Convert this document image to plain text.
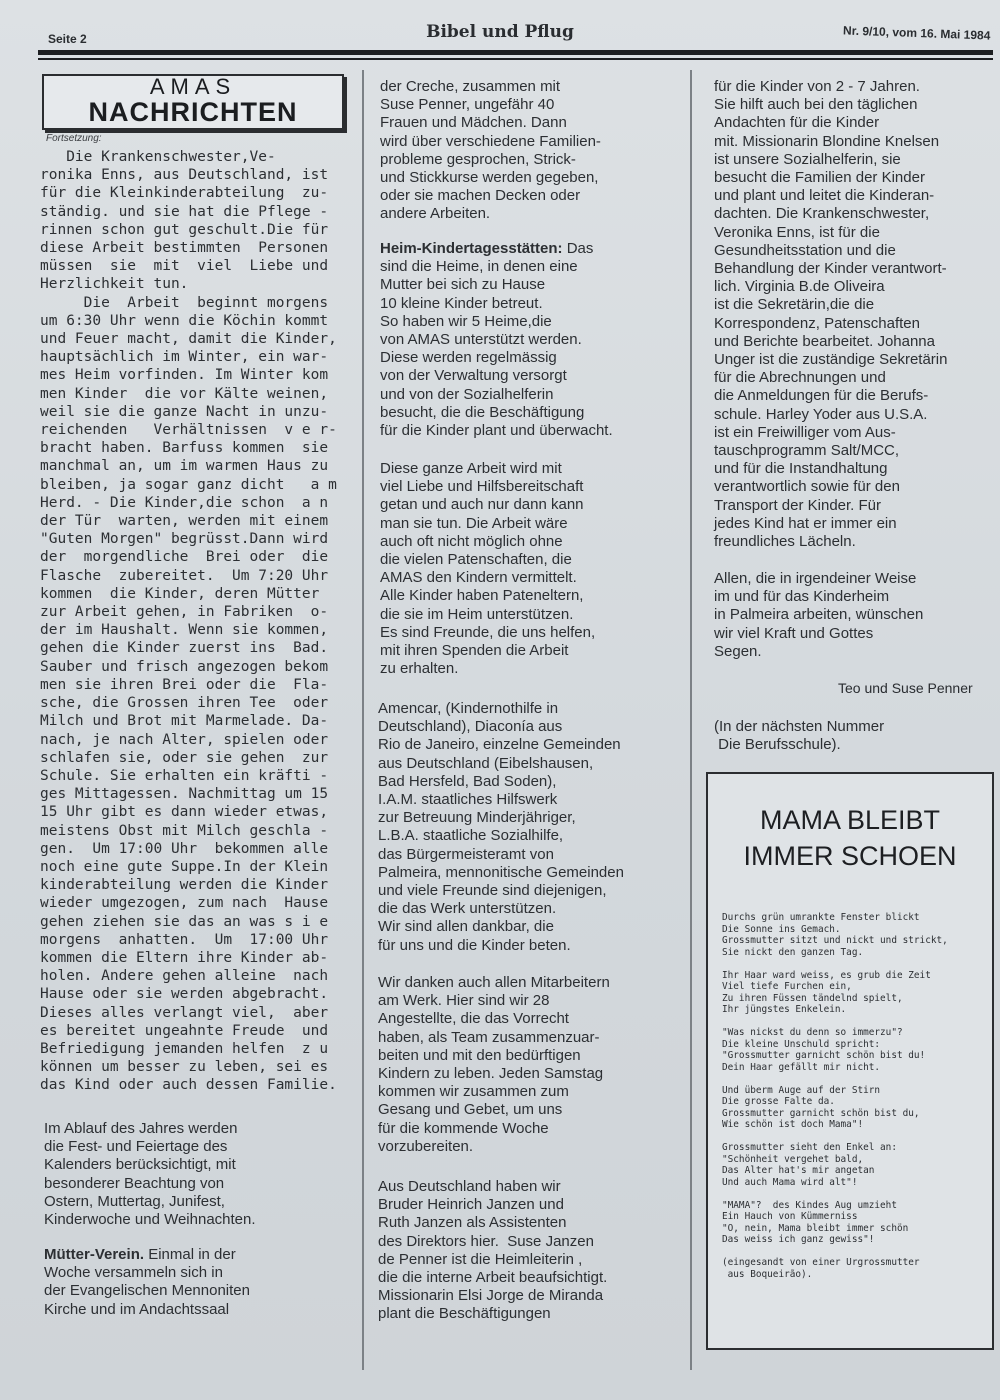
Seite 2	Bibel und Pflug	Nr. 9/10, vom 16. Mai 1984
AMAS
NACHRICHTEN
Fortsetzung:
Die Krankenschwester,Ve-
ronika Enns, aus Deutschland, ist
für die Kleinkinderabteilung  zu-
ständig. und sie hat die Pflege -
rinnen schon gut geschult.Die für
diese Arbeit bestimmten  Personen
müssen  sie  mit  viel  Liebe und
Herzlichkeit tun.
Die  Arbeit  beginnt morgens
um 6:30 Uhr wenn die Köchin kommt
und Feuer macht, damit die Kinder,
hauptsächlich im Winter, ein war-
mes Heim vorfinden. Im Winter kom
men Kinder  die vor Kälte weinen,
weil sie die ganze Nacht in unzu-
reichenden   Verhältnissen  v e r-
bracht haben. Barfuss kommen  sie
manchmal an, um im warmen Haus zu
bleiben, ja sogar ganz dicht   a m
Herd. - Die Kinder,die schon  a n
der Tür  warten, werden mit einem
"Guten Morgen" begrüsst.Dann wird
der  morgendliche  Brei oder  die
Flasche  zubereitet.  Um 7:20 Uhr
kommen  die Kinder, deren Mütter
zur Arbeit gehen, in Fabriken  o-
der im Haushalt. Wenn sie kommen,
gehen die Kinder zuerst ins  Bad.
Sauber und frisch angezogen bekom
men sie ihren Brei oder die  Fla-
sche, die Grossen ihren Tee  oder
Milch und Brot mit Marmelade. Da-
nach, je nach Alter, spielen oder
schlafen sie, oder sie gehen  zur
Schule. Sie erhalten ein kräfti -
ges Mittagessen. Nachmittag um 15
15 Uhr gibt es dann wieder etwas,
meistens Obst mit Milch geschla -
gen.  Um 17:00 Uhr  bekommen alle
noch eine gute Suppe.In der Klein
kinderabteilung werden die Kinder
wieder umgezogen, zum nach  Hause
gehen ziehen sie das an was s i e
morgens  anhatten.  Um  17:00 Uhr
kommen die Eltern ihre Kinder ab-
holen. Andere gehen alleine  nach
Hause oder sie werden abgebracht.
Dieses alles verlangt viel,  aber
es bereitet ungeahnte Freude  und
Befriedigung jemanden helfen  z u
können um besser zu leben, sei es
das Kind oder auch dessen Familie.
Im Ablauf des Jahres werden
die Fest- und Feiertage des
Kalenders berücksichtigt, mit
besonderer Beachtung von
Ostern, Muttertag, Junifest,
Kinderwoche und Weihnachten.
Mütter-Verein. Einmal in der
Woche versammeln sich in
der Evangelischen Mennoniten
Kirche und im Andachtssaal
der Creche, zusammen mit
Suse Penner, ungefähr 40
Frauen und Mädchen. Dann
wird über verschiedene Familien-
probleme gesprochen, Strick-
und Stickkurse werden gegeben,
oder sie machen Decken oder
andere Arbeiten.
Heim-Kindertagesstätten: Das
sind die Heime, in denen eine
Mutter bei sich zu Hause
10 kleine Kinder betreut.
So haben wir 5 Heime,die
von AMAS unterstützt werden.
Diese werden regelmässig
von der Verwaltung versorgt
und von der Sozialhelferin
besucht, die die Beschäftigung
für die Kinder plant und überwacht.
Diese ganze Arbeit wird mit
viel Liebe und Hilfsbereitschaft
getan und auch nur dann kann
man sie tun. Die Arbeit wäre
auch oft nicht möglich ohne
die vielen Patenschaften, die
AMAS den Kindern vermittelt.
Alle Kinder haben Pateneltern,
die sie im Heim unterstützen.
Es sind Freunde, die uns helfen,
mit ihren Spenden die Arbeit
zu erhalten.
Amencar, (Kindernothilfe in
Deutschland), Diaconía aus
Rio de Janeiro, einzelne Gemeinden
aus Deutschland (Eibelshausen,
Bad Hersfeld, Bad Soden),
I.A.M. staatliches Hilfswerk
zur Betreuung Minderjähriger,
L.B.A. staatliche Sozialhilfe,
das Bürgermeisteramt von
Palmeira, mennonitische Gemeinden
und viele Freunde sind diejenigen,
die das Werk unterstützen.
Wir sind allen dankbar, die
für uns und die Kinder beten.
Wir danken auch allen Mitarbeitern
am Werk. Hier sind wir 28
Angestellte, die das Vorrecht
haben, als Team zusammenzuar-
beiten und mit den bedürftigen
Kindern zu leben. Jeden Samstag
kommen wir zusammen zum
Gesang und Gebet, um uns
für die kommende Woche
vorzubereiten.
Aus Deutschland haben wir
Bruder Heinrich Janzen und
Ruth Janzen als Assistenten
des Direktors hier.  Suse Janzen
de Penner ist die Heimleiterin ,
die die interne Arbeit beaufsichtigt.
Missionarin Elsi Jorge de Miranda
plant die Beschäftigungen
für die Kinder von 2 - 7 Jahren.
Sie hilft auch bei den täglichen
Andachten für die Kinder
mit. Missionarin Blondine Knelsen
ist unsere Sozialhelferin, sie
besucht die Familien der Kinder
und plant und leitet die Kinderan-
dachten. Die Krankenschwester,
Veronika Enns, ist für die
Gesundheitsstation und die
Behandlung der Kinder verantwort-
lich. Virginia B.de Oliveira
ist die Sekretärin,die die
Korrespondenz, Patenschaften
und Berichte bearbeitet. Johanna
Unger ist die zuständige Sekretärin
für die Abrechnungen und
die Anmeldungen für die Berufs-
schule. Harley Yoder aus U.S.A.
ist ein Freiwilliger vom Aus-
tauschprogramm Salt/MCC,
und für die Instandhaltung
verantwortlich sowie für den
Transport der Kinder. Für
jedes Kind hat er immer ein
freundliches Lächeln.
Allen, die in irgendeiner Weise
im und für das Kinderheim
in Palmeira arbeiten, wünschen
wir viel Kraft und Gottes
Segen.
Teo und Suse Penner
(In der nächsten Nummer
Die Berufsschule).
MAMA BLEIBT
IMMER SCHOEN
Durchs grün umrankte Fenster blickt
Die Sonne ins Gemach.
Grossmutter sitzt und nickt und strickt,
Sie nickt den ganzen Tag.

Ihr Haar ward weiss, es grub die Zeit
Viel tiefe Furchen ein,
Zu ihren Füssen tändelnd spielt,
Ihr jüngstes Enkelein.

"Was nickst du denn so immerzu"?
Die kleine Unschuld spricht:
"Grossmutter garnicht schön bist du!
Dein Haar gefällt mir nicht.

Und überm Auge auf der Stirn
Die grosse Falte da.
Grossmutter garnicht schön bist du,
Wie schön ist doch Mama"!

Grossmutter sieht den Enkel an:
"Schönheit vergehet bald,
Das Alter hat's mir angetan
Und auch Mama wird alt"!

"MAMA"?  des Kindes Aug umzieht
Ein Hauch von Kümmerniss
"O, nein, Mama bleibt immer schön
Das weiss ich ganz gewiss"!

(eingesandt von einer Urgrossmutter
aus Boqueirão).
